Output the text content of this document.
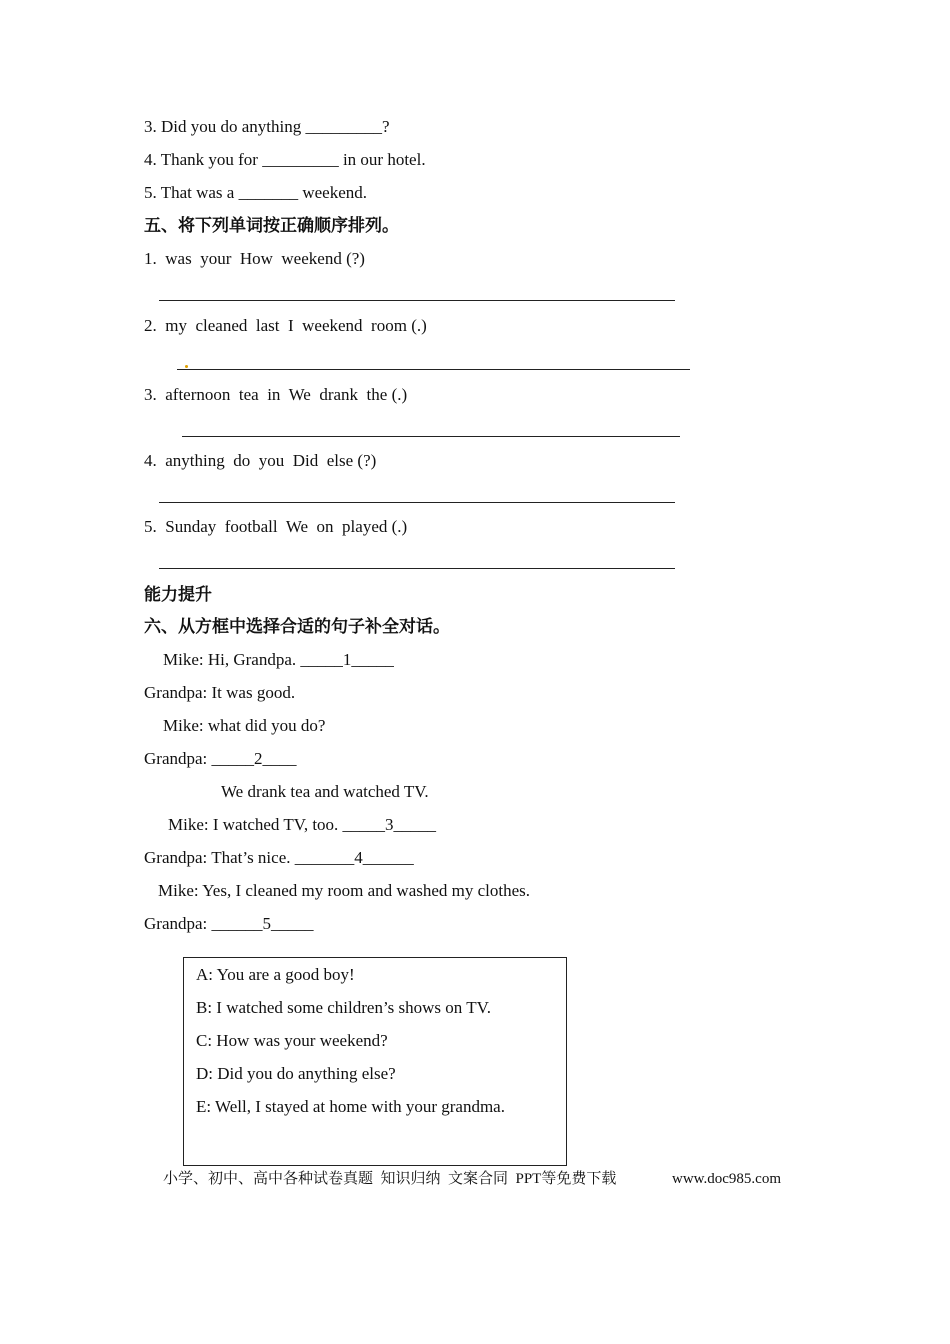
3. Did you do anything _________?
4. Thank you for _________ in our hotel.
5. That was a _______ weekend.
五、将下列单词按正确顺序排列。
1.  was  your  How  weekend (?)
2.  my  cleaned  last  I  weekend  room (.)
3.  afternoon  tea  in  We  drank  the (.)
4.  anything  do  you  Did  else (?)
5.  Sunday  football  We  on  played (.)
能力提升
六、从方框中选择合适的句子补全对话。
Mike: Hi, Grandpa. _____1_____
Grandpa: It was good.
Mike: what did you do?
Grandpa: _____2____
We drank tea and watched TV.
Mike: I watched TV, too. _____3_____
Grandpa: That’s nice. _______4______
Mike: Yes, I cleaned my room and washed my clothes.
Grandpa: ______5_____
A: You are a good boy!
B: I watched some children’s shows on TV.
C: How was your weekend?
D: Did you do anything else?
E: Well, I stayed at home with your grandma.
小学、初中、高中各种试卷真题  知识归纳  文案合同  PPT等免费下载	www.doc985.com
